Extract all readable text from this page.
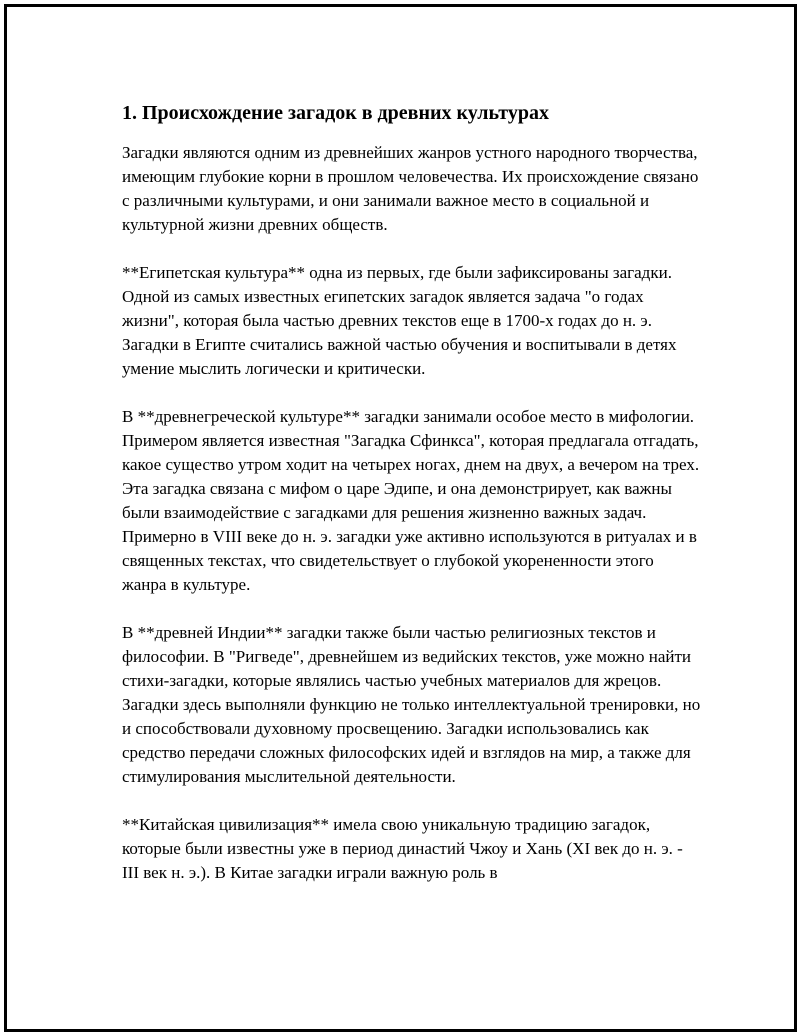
1. Происхождение загадок в древних культурах

Загадки являются одним из древнейших жанров устного народного творчества, имеющим глубокие корни в прошлом человечества. Их происхождение связано с различными культурами, и они занимали важное место в социальной и культурной жизни древних обществ.

**Египетская культура** одна из первых, где были зафиксированы загадки. Одной из самых известных египетских загадок является задача "о годах жизни", которая была частью древних текстов еще в 1700-х годах до н. э. Загадки в Египте считались важной частью обучения и воспитывали в детях умение мыслить логически и критически.

В **древнегреческой культуре** загадки занимали особое место в мифологии. Примером является известная "Загадка Сфинкса", которая предлагала отгадать, какое существо утром ходит на четырех ногах, днем на двух, а вечером на трех. Эта загадка связана с мифом о царе Эдипе, и она демонстрирует, как важны были взаимодействие с загадками для решения жизненно важных задач. Примерно в VIII веке до н. э. загадки уже активно используются в ритуалах и в священных текстах, что свидетельствует о глубокой укорененности этого жанра в культуре.

В **древней Индии** загадки также были частью религиозных текстов и философии. В "Ригведе", древнейшем из ведийских текстов, уже можно найти стихи-загадки, которые являлись частью учебных материалов для жрецов. Загадки здесь выполняли функцию не только интеллектуальной тренировки, но и способствовали духовному просвещению. Загадки использовались как средство передачи сложных философских идей и взглядов на мир, а также для стимулирования мыслительной деятельности.

**Китайская цивилизация** имела свою уникальную традицию загадок, которые были известны уже в период династий Чжоу и Хань (XI век до н. э. - III век н. э.). В Китае загадки играли важную роль в
